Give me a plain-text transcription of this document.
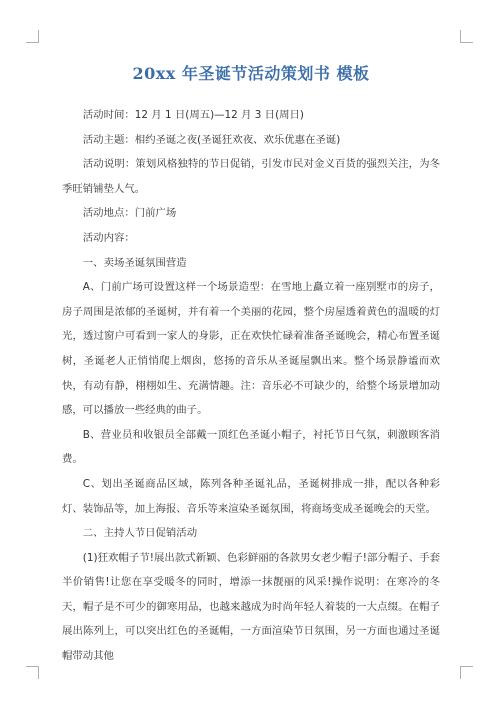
20xx 年圣诞节活动策划书 模板

活动时间：12 月 1 日(周五)—12 月 3 日(周日)

活动主题：相约圣诞之夜(圣诞狂欢夜、欢乐优惠在圣诞)

活动说明：策划风格独特的节日促销，引发市民对金义百货的强烈关注，为冬季旺销铺垫人气。

活动地点：门前广场

活动内容：

一、卖场圣诞氛围营造

A、门前广场可设置这样一个场景造型：在雪地上矗立着一座别墅市的房子，房子周围是浓郁的圣诞树，并有着一个美丽的花园，整个房屋透着黄色的温暖的灯光，透过窗户可看到一家人的身影，正在欢快忙碌着准备圣诞晚会，精心布置圣诞树，圣诞老人正悄悄爬上烟囱，悠扬的音乐从圣诞屋飘出来。整个场景静谧而欢快，有动有静，栩栩如生、充满情趣。注：音乐必不可缺少的，给整个场景增加动感，可以播放一些经典的曲子。

B、营业员和收银员全部戴一顶红色圣诞小帽子，衬托节日气氛，刺激顾客消费。

C、划出圣诞商品区域，陈列各种圣诞礼品，圣诞树排成一排，配以各种彩灯、装饰品等，加上海报、音乐等来渲染圣诞氛围，将商场变成圣诞晚会的天堂。

二、主持人节日促销活动

(1)狂欢帽子节!展出款式新颖、色彩鲜丽的各款男女老少帽子!部分帽子、手套半价销售!让您在享受暖冬的同时，增添一抹靓丽的风采!操作说明：在寒冷的冬天，帽子是不可少的御寒用品，也越来越成为时尚年轻人着装的一大点缀。在帽子展出陈列上，可以突出红色的圣诞帽，一方面渲染节日氛围，另一方面也通过圣诞帽带动其他
